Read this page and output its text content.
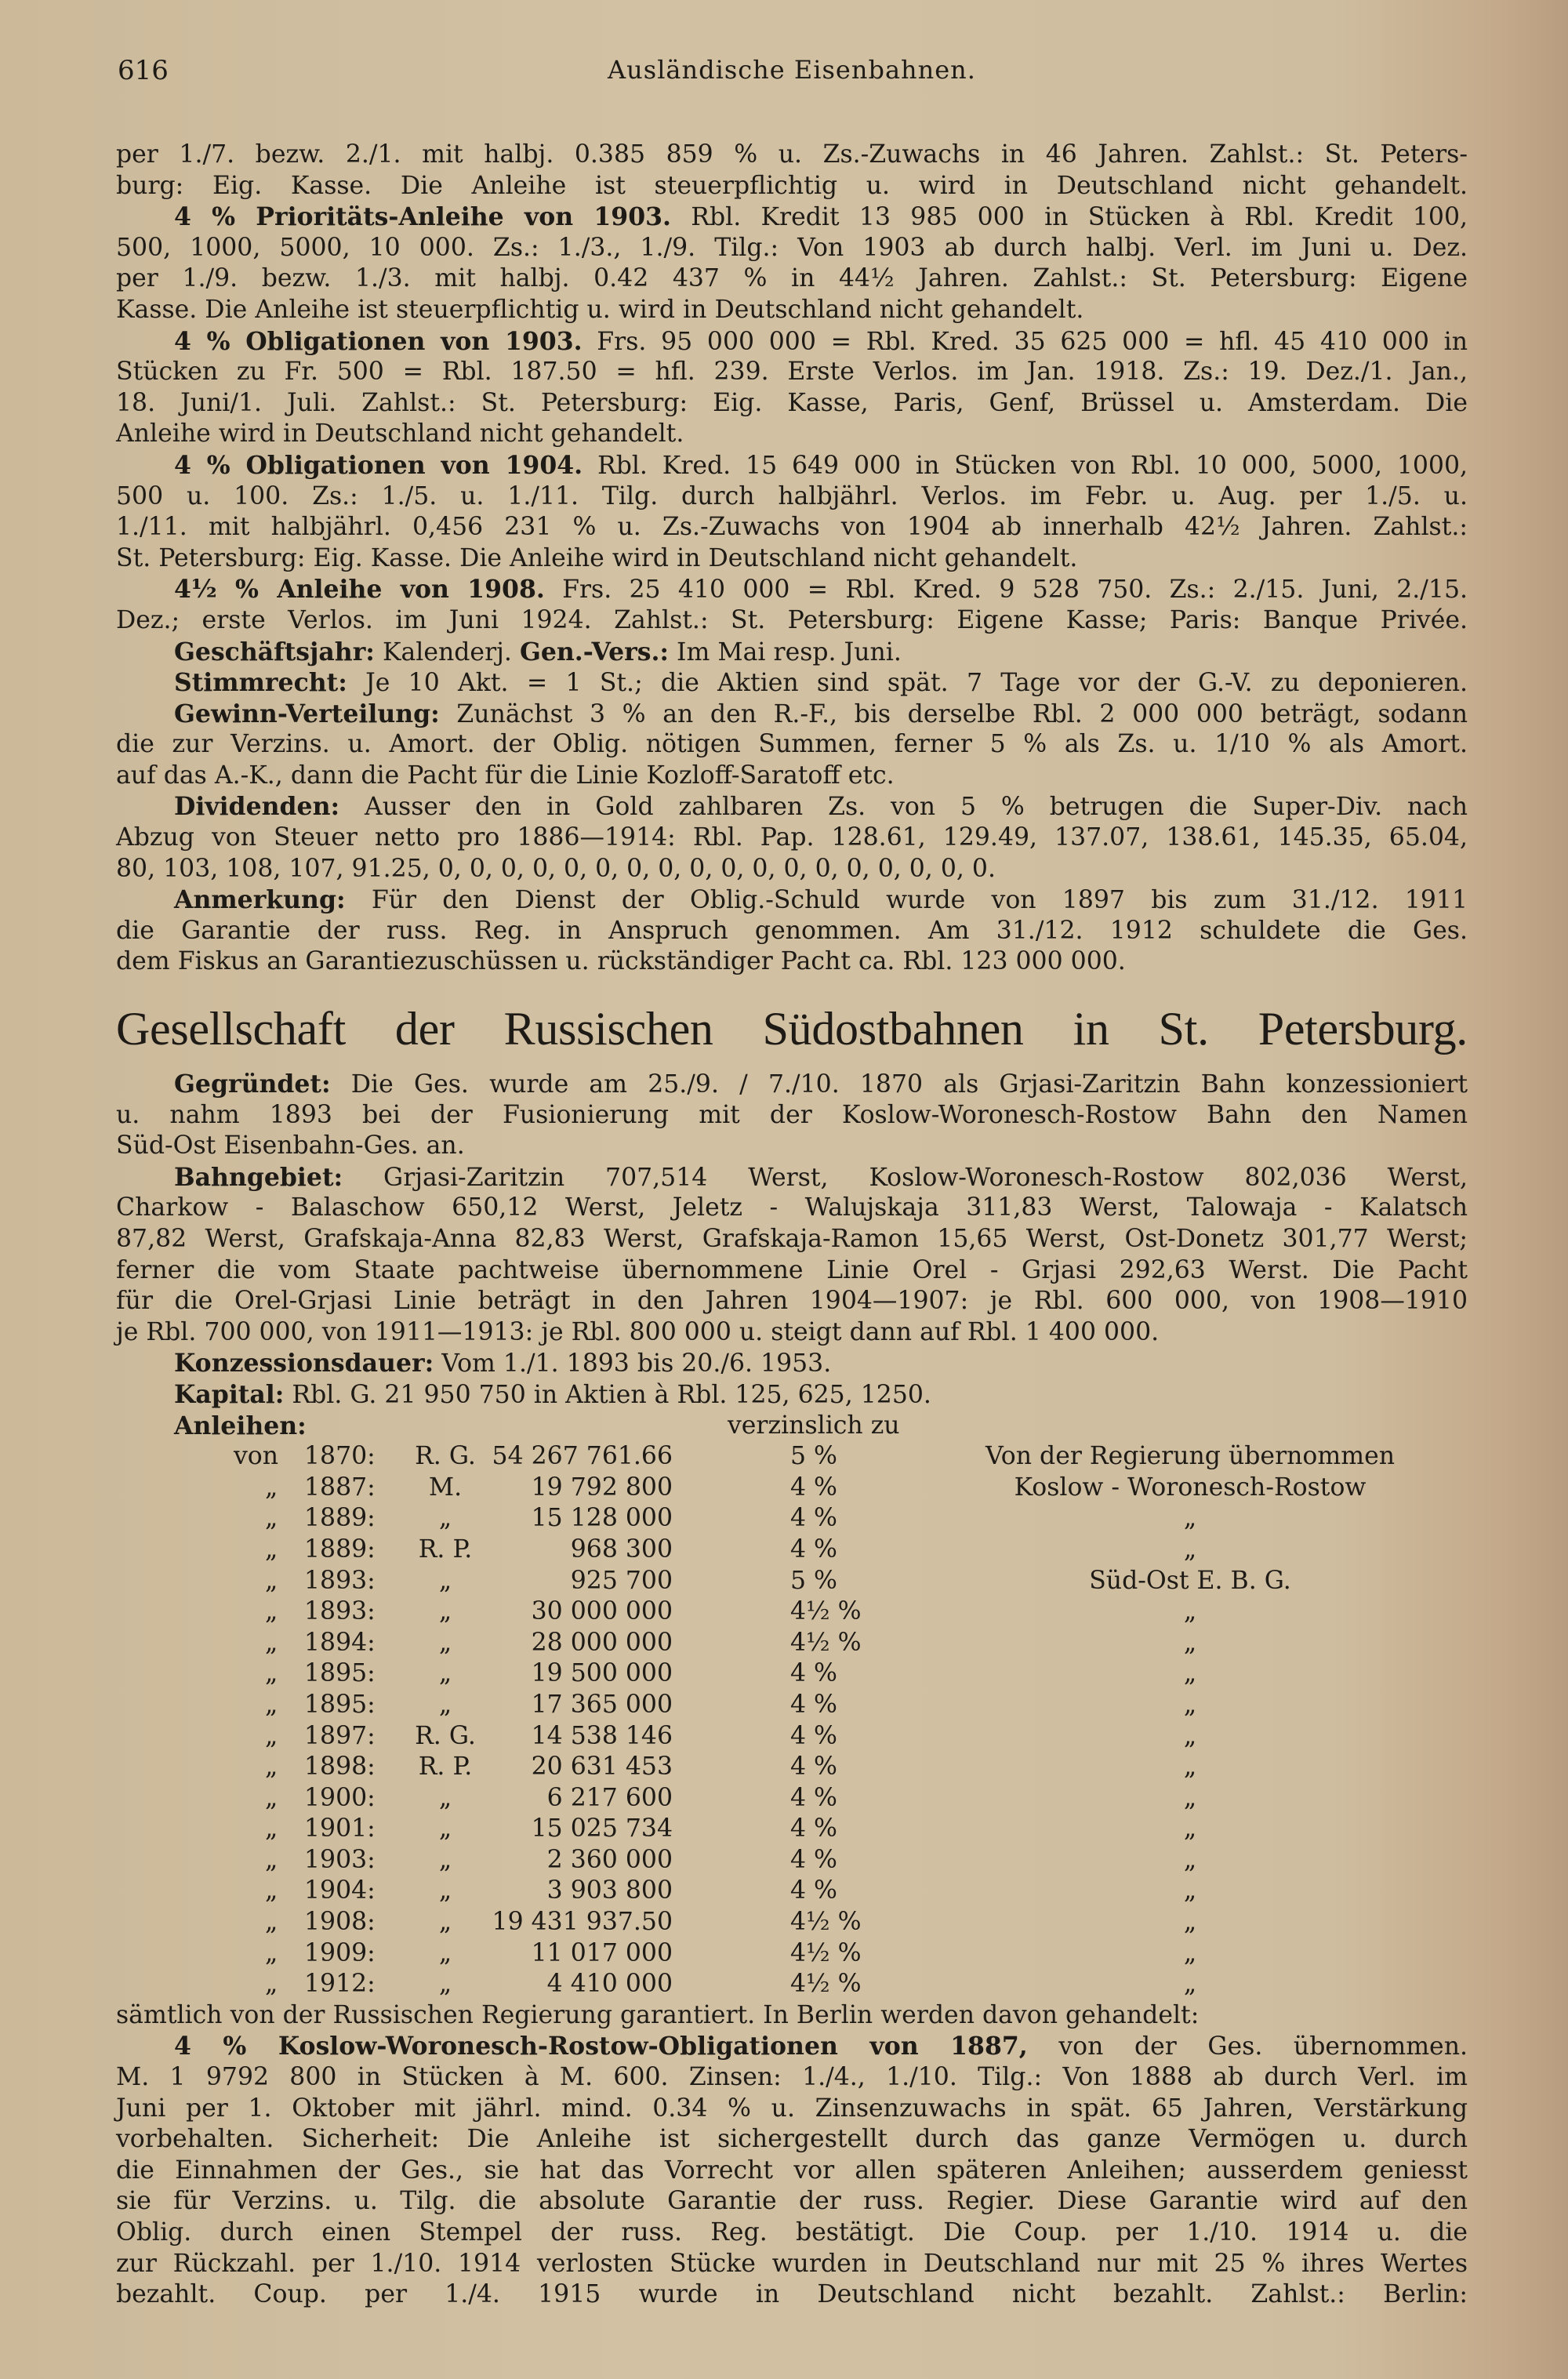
616	Ausländische Eisenbahnen.
per 1./7. bezw. 2./1. mit halbj. 0.385 859 % u. Zs.-Zuwachs in 46 Jahren. Zahlst.: St. Peters-
burg: Eig. Kasse. Die Anleihe ist steuerpflichtig u. wird in Deutschland nicht gehandelt.
4 % Prioritäts-Anleihe von 1903. Rbl. Kredit 13 985 000 in Stücken à Rbl. Kredit 100,
500, 1000, 5000, 10 000. Zs.: 1./3., 1./9. Tilg.: Von 1903 ab durch halbj. Verl. im Juni u. Dez.
per 1./9. bezw. 1./3. mit halbj. 0.42 437 % in 44½ Jahren. Zahlst.: St. Petersburg: Eigene
Kasse. Die Anleihe ist steuerpflichtig u. wird in Deutschland nicht gehandelt.
4 % Obligationen von 1903. Frs. 95 000 000 = Rbl. Kred. 35 625 000 = hfl. 45 410 000 in
Stücken zu Fr. 500 = Rbl. 187.50 = hfl. 239. Erste Verlos. im Jan. 1918. Zs.: 19. Dez./1. Jan.,
18. Juni/1. Juli. Zahlst.: St. Petersburg: Eig. Kasse, Paris, Genf, Brüssel u. Amsterdam. Die
Anleihe wird in Deutschland nicht gehandelt.
4 % Obligationen von 1904. Rbl. Kred. 15 649 000 in Stücken von Rbl. 10 000, 5000, 1000,
500 u. 100. Zs.: 1./5. u. 1./11. Tilg. durch halbjährl. Verlos. im Febr. u. Aug. per 1./5. u.
1./11. mit halbjährl. 0,456 231 % u. Zs.-Zuwachs von 1904 ab innerhalb 42½ Jahren. Zahlst.:
St. Petersburg: Eig. Kasse. Die Anleihe wird in Deutschland nicht gehandelt.
4½ % Anleihe von 1908. Frs. 25 410 000 = Rbl. Kred. 9 528 750. Zs.: 2./15. Juni, 2./15.
Dez.; erste Verlos. im Juni 1924. Zahlst.: St. Petersburg: Eigene Kasse; Paris: Banque Privée.
Geschäftsjahr: Kalenderj. Gen.-Vers.: Im Mai resp. Juni.
Stimmrecht: Je 10 Akt. = 1 St.; die Aktien sind spät. 7 Tage vor der G.-V. zu deponieren.
Gewinn-Verteilung: Zunächst 3 % an den R.-F., bis derselbe Rbl. 2 000 000 beträgt, sodann
die zur Verzins. u. Amort. der Oblig. nötigen Summen, ferner 5 % als Zs. u. 1/10 % als Amort.
auf das A.-K., dann die Pacht für die Linie Kozloff-Saratoff etc.
Dividenden: Ausser den in Gold zahlbaren Zs. von 5 % betrugen die Super-Div. nach
Abzug von Steuer netto pro 1886—1914: Rbl. Pap. 128.61, 129.49, 137.07, 138.61, 145.35, 65.04,
80, 103, 108, 107, 91.25, 0, 0, 0, 0, 0, 0, 0, 0, 0, 0, 0, 0, 0, 0, 0, 0, 0, 0.
Anmerkung: Für den Dienst der Oblig.-Schuld wurde von 1897 bis zum 31./12. 1911
die Garantie der russ. Reg. in Anspruch genommen. Am 31./12. 1912 schuldete die Ges.
dem Fiskus an Garantiezuschüssen u. rückständiger Pacht ca. Rbl. 123 000 000.
Gesellschaft der Russischen Südostbahnen in St. Petersburg.
Gegründet: Die Ges. wurde am 25./9. / 7./10. 1870 als Grjasi-Zaritzin Bahn konzessioniert
u. nahm 1893 bei der Fusionierung mit der Koslow-Woronesch-Rostow Bahn den Namen
Süd-Ost Eisenbahn-Ges. an.
Bahngebiet: Grjasi-Zaritzin 707,514 Werst, Koslow-Woronesch-Rostow 802,036 Werst,
Charkow - Balaschow 650,12 Werst, Jeletz - Walujskaja 311,83 Werst, Talowaja - Kalatsch
87,82 Werst, Grafskaja-Anna 82,83 Werst, Grafskaja-Ramon 15,65 Werst, Ost-Donetz 301,77 Werst;
ferner die vom Staate pachtweise übernommene Linie Orel - Grjasi 292,63 Werst. Die Pacht
für die Orel-Grjasi Linie beträgt in den Jahren 1904—1907: je Rbl. 600 000, von 1908—1910
je Rbl. 700 000, von 1911—1913: je Rbl. 800 000 u. steigt dann auf Rbl. 1 400 000.
Konzessionsdauer: Vom 1./1. 1893 bis 20./6. 1953.
Kapital: Rbl. G. 21 950 750 in Aktien à Rbl. 125, 625, 1250.
Anleihen:	verzinslich zu
von 1870: R. G. 54 267 761.66	5 %	Von der Regierung übernommen
„ 1887:	M.	19 792 800	4 %	Koslow - Woronesch-Rostow
„ 1889:	„	15 128 000	4 %	„
„ 1889: R. P.	968 300	4 %	„
„ 1893:	„	925 700	5 %	Süd-Ost E. B. G.
„ 1893:	„	30 000 000	4½ %	„
„ 1894:	„	28 000 000	4½ %	„
„ 1895:	„	19 500 000	4 %	„
„ 1895:	„	17 365 000	4 %	„
„ 1897: R. G.	14 538 146	4 %	„
„ 1898: R. P.	20 631 453	4 %	„
„ 1900:	„	6 217 600	4 %	„
„ 1901:	„	15 025 734	4 %	„
„ 1903:	„	2 360 000	4 %	„
„ 1904:	„	3 903 800	4 %	„
„ 1908:	„	19 431 937.50	4½ %	„
„ 1909:	„	11 017 000	4½ %	„
„ 1912:	„	4 410 000	4½ %	„
sämtlich von der Russischen Regierung garantiert. In Berlin werden davon gehandelt:
4 % Koslow-Woronesch-Rostow-Obligationen von 1887, von der Ges. übernommen.
M. 1 9792 800 in Stücken à M. 600. Zinsen: 1./4., 1./10. Tilg.: Von 1888 ab durch Verl. im
Juni per 1. Oktober mit jährl. mind. 0.34 % u. Zinsenzuwachs in spät. 65 Jahren, Verstärkung
vorbehalten. Sicherheit: Die Anleihe ist sichergestellt durch das ganze Vermögen u. durch
die Einnahmen der Ges., sie hat das Vorrecht vor allen späteren Anleihen; ausserdem geniesst
sie für Verzins. u. Tilg. die absolute Garantie der russ. Regier. Diese Garantie wird auf den
Oblig. durch einen Stempel der russ. Reg. bestätigt. Die Coup. per 1./10. 1914 u. die
zur Rückzahl. per 1./10. 1914 verlosten Stücke wurden in Deutschland nur mit 25 % ihres Wertes
bezahlt. Coup. per 1./4. 1915 wurde in Deutschland nicht bezahlt. Zahlst.: Berlin:
